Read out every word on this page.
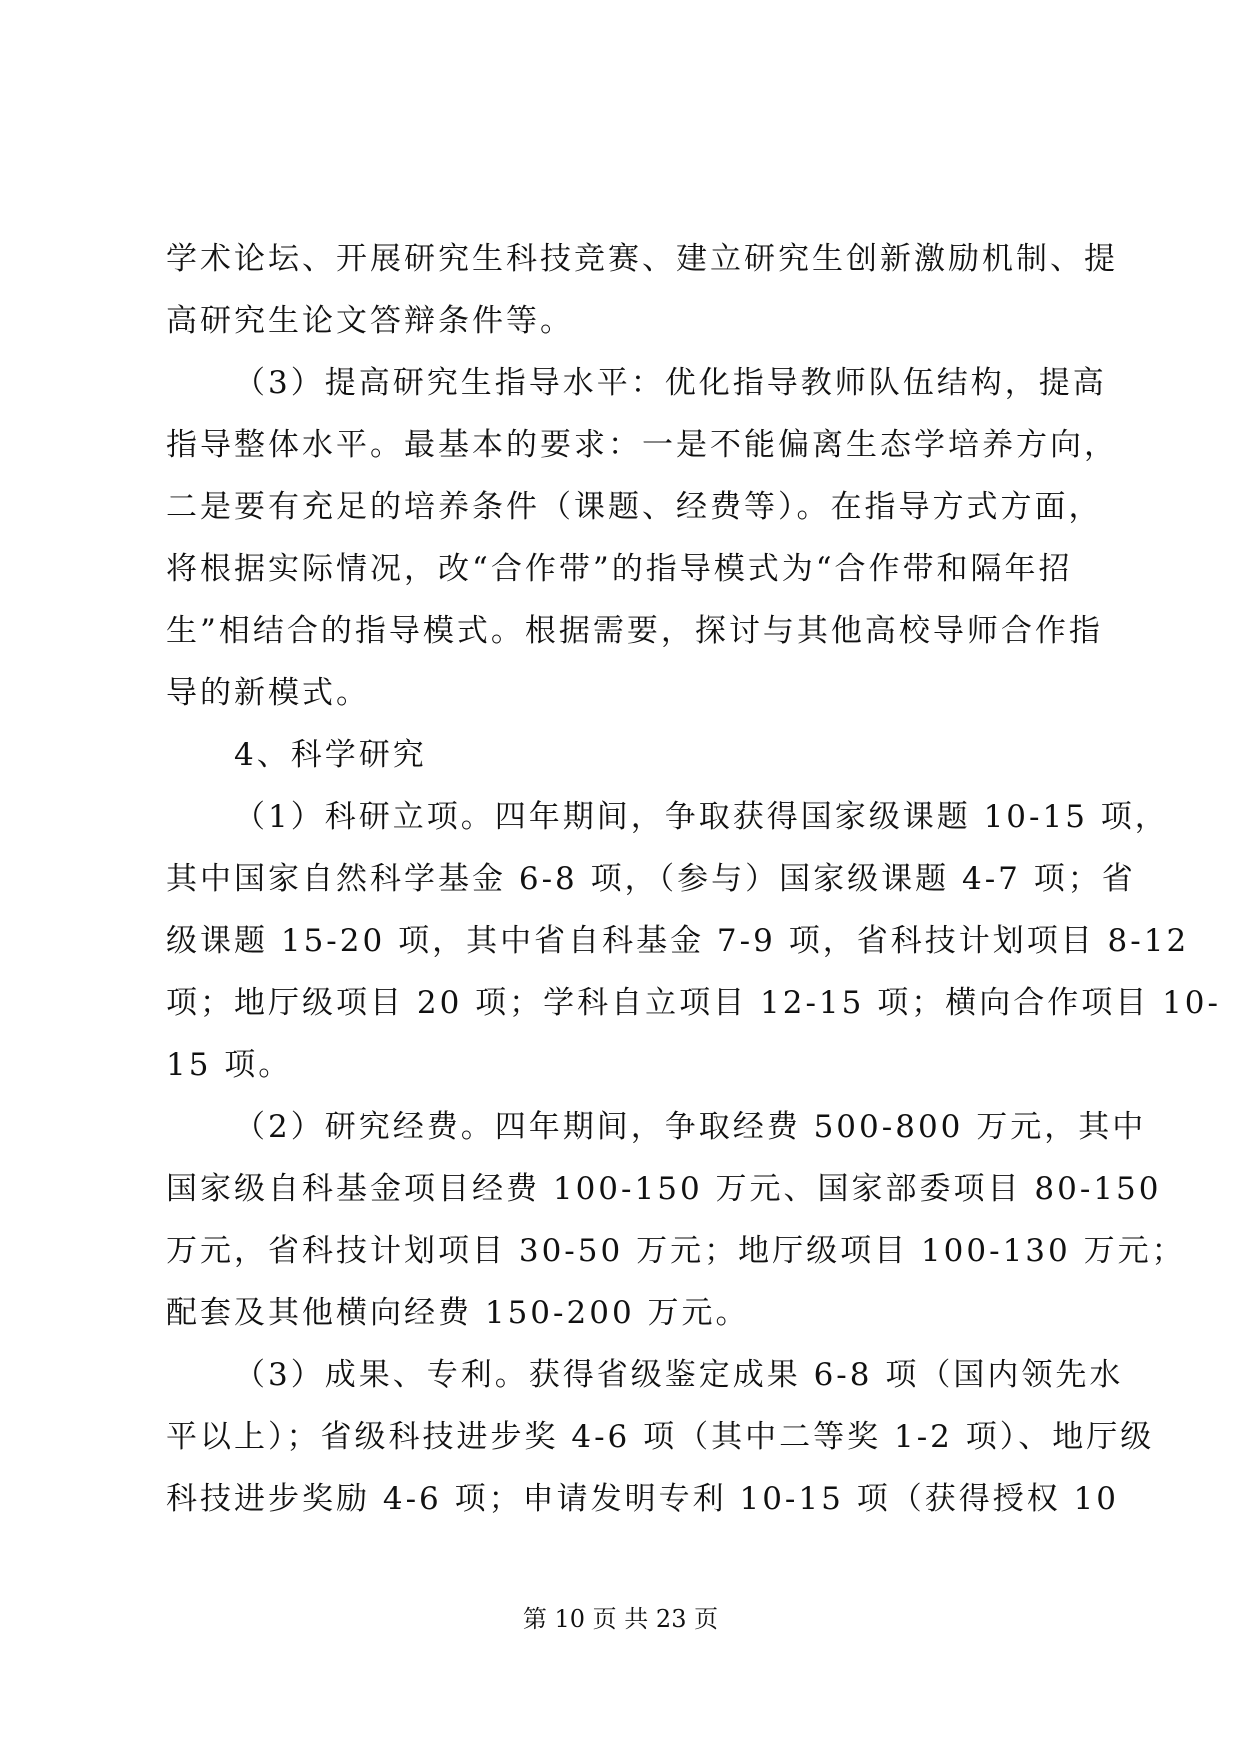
学术论坛、开展研究生科技竞赛、建立研究生创新激励机制、提
高研究生论文答辩条件等。
（3）提高研究生指导水平：优化指导教师队伍结构，提高
指导整体水平。最基本的要求：一是不能偏离生态学培养方向，
二是要有充足的培养条件（课题、经费等）。在指导方式方面，
将根据实际情况，改“合作带”的指导模式为“合作带和隔年招
生”相结合的指导模式。根据需要，探讨与其他高校导师合作指
导的新模式。
4、科学研究
（1）科研立项。四年期间，争取获得国家级课题 10-15 项，
其中国家自然科学基金 6-8 项，（参与）国家级课题 4-7 项；省
级课题 15-20 项，其中省自科基金 7-9 项，省科技计划项目 8-12
项；地厅级项目 20 项；学科自立项目 12-15 项；横向合作项目 10-
15 项。
（2）研究经费。四年期间，争取经费 500-800 万元，其中
国家级自科基金项目经费 100-150 万元、国家部委项目 80-150
万元，省科技计划项目 30-50 万元；地厅级项目 100-130 万元；
配套及其他横向经费 150-200 万元。
（3）成果、专利。获得省级鉴定成果 6-8 项（国内领先水
平以上）；省级科技进步奖 4-6 项（其中二等奖 1-2 项）、地厅级
科技进步奖励 4-6 项；申请发明专利 10-15 项（获得授权 10
第 10 页 共 23 页
